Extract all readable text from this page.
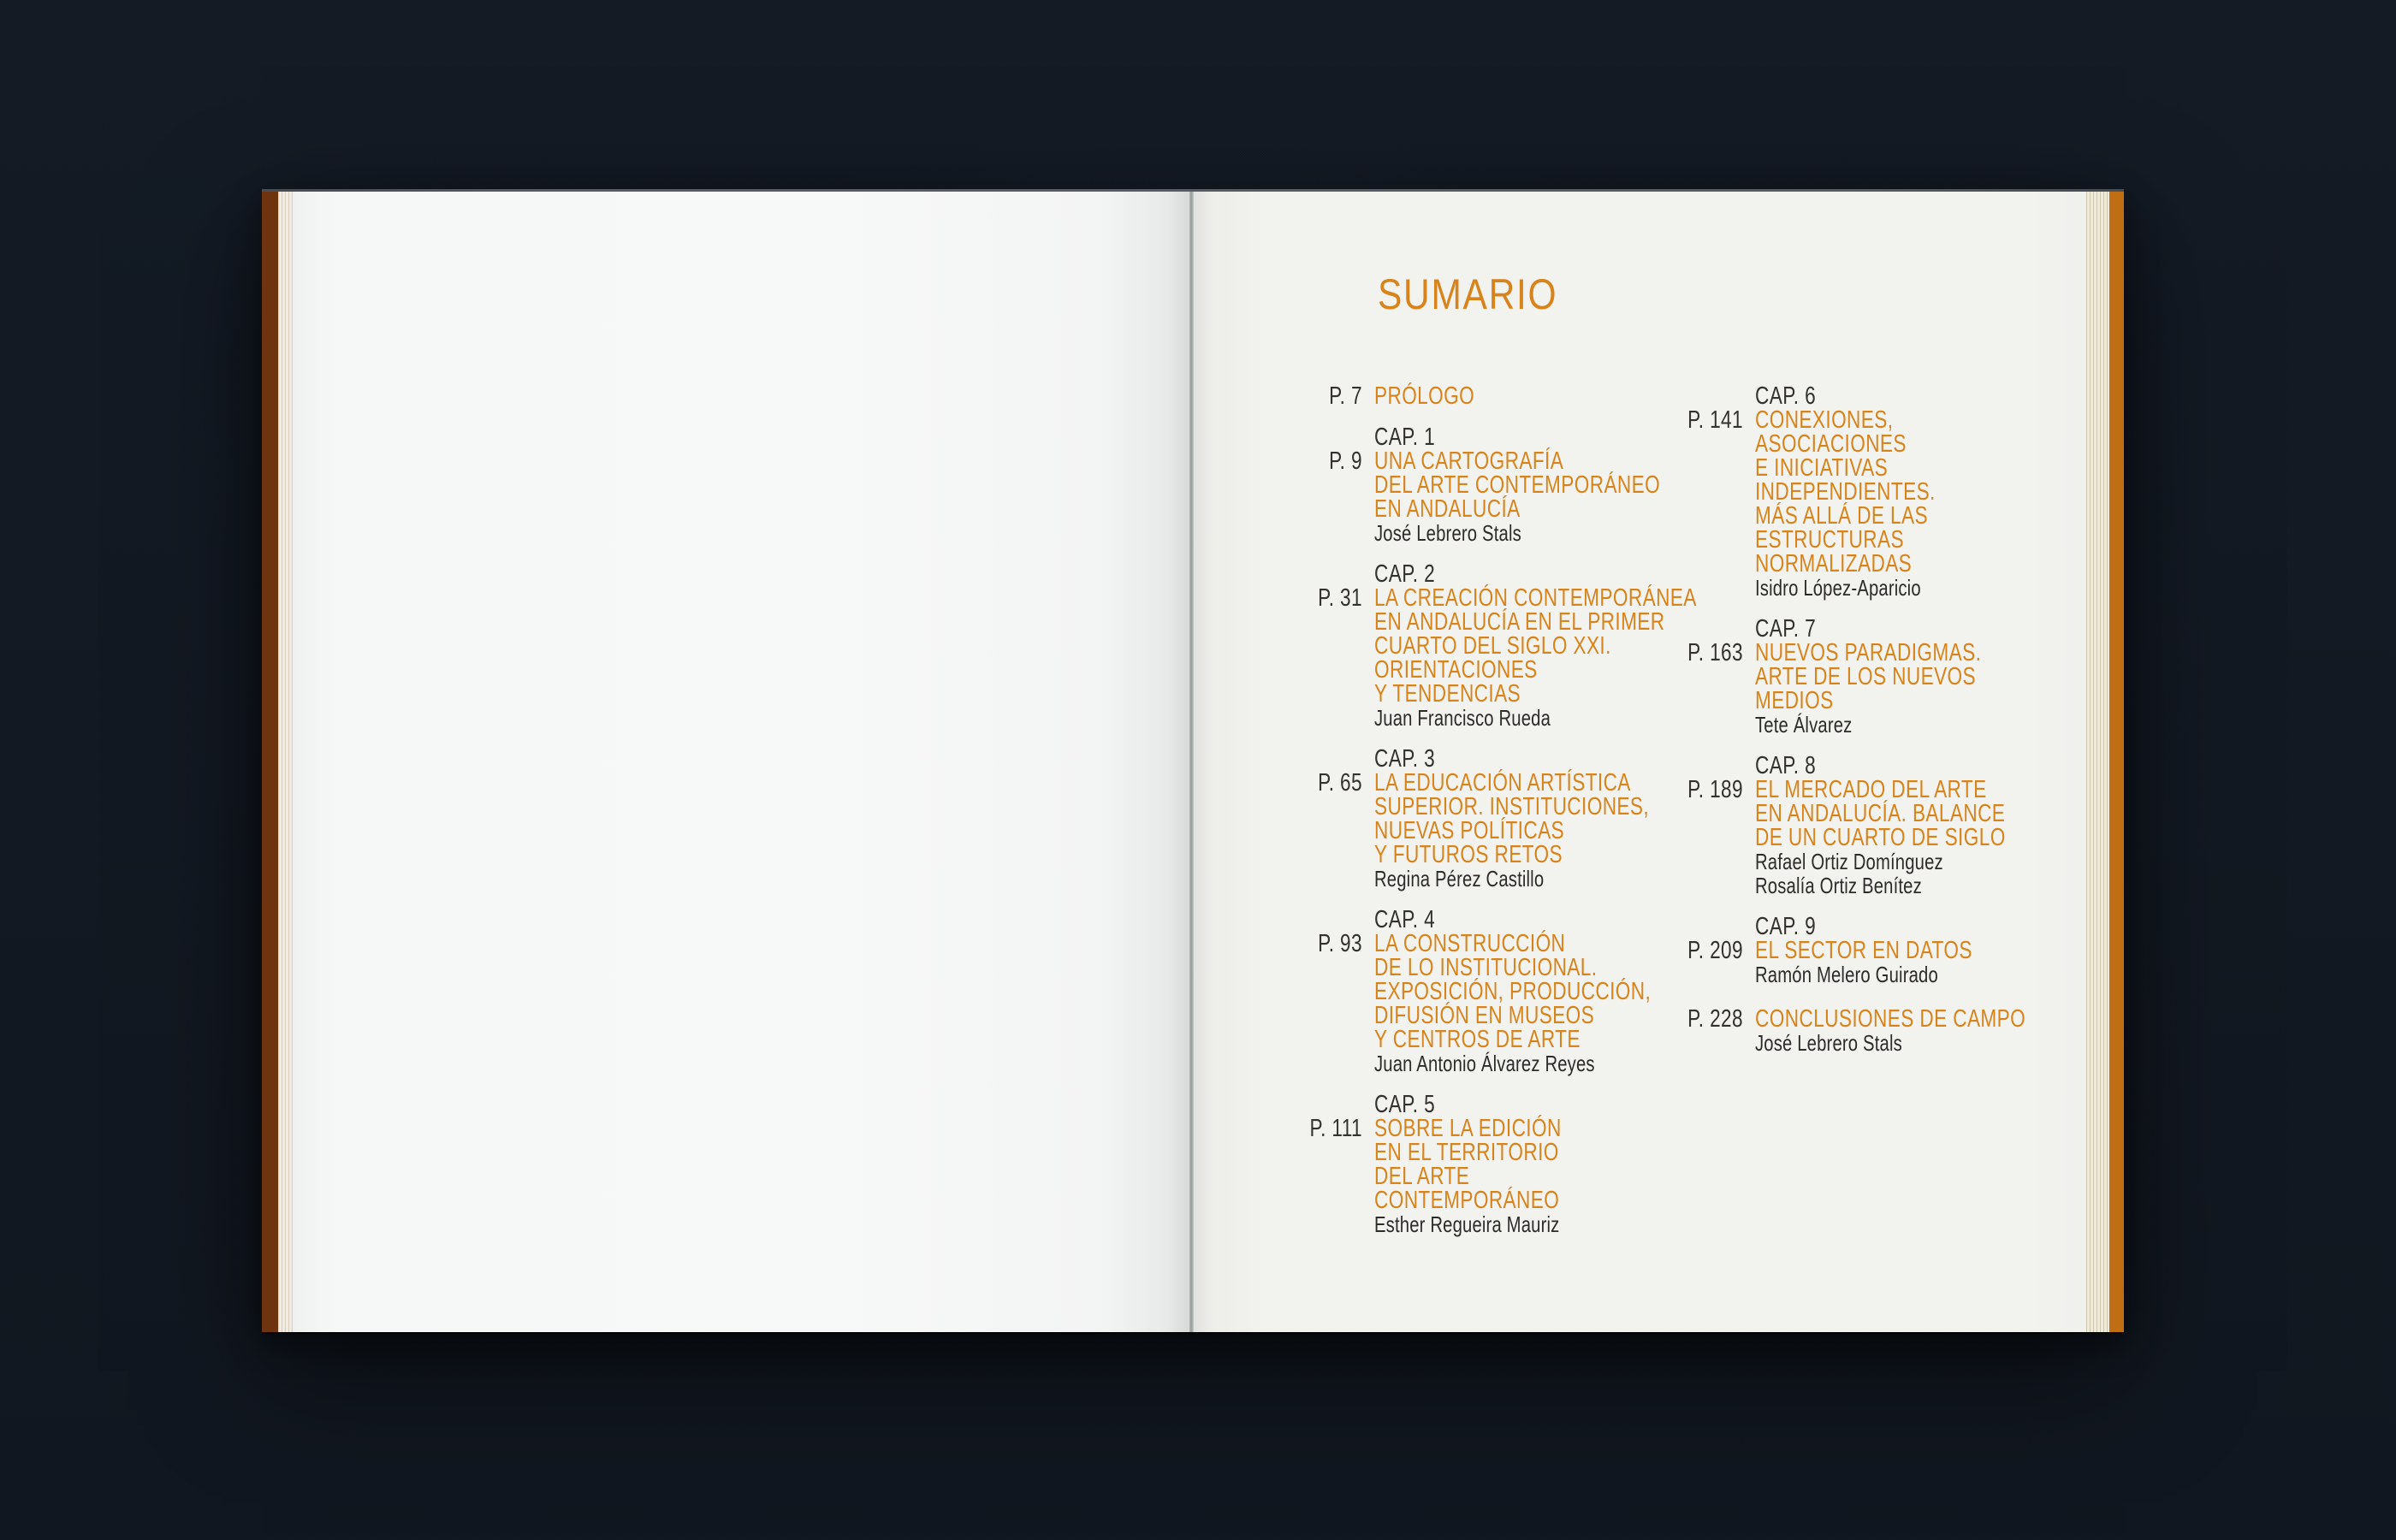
SUMARIO
P. 7 PRÓLOGO
P. 9
CAP. 1
UNA CARTOGRAFÍA
DEL ARTE CONTEMPORÁNEO
EN ANDALUCÍA
José Lebrero Stals
P. 31
CAP. 2
LA CREACIÓN CONTEMPORÁNEA
EN ANDALUCÍA EN EL PRIMER
CUARTO DEL SIGLO XXI.
ORIENTACIONES
Y TENDENCIAS
Juan Francisco Rueda
P. 65
CAP. 3
LA EDUCACIÓN ARTÍSTICA
SUPERIOR. INSTITUCIONES,
NUEVAS POLÍTICAS
Y FUTUROS RETOS
Regina Pérez Castillo
P. 93
CAP. 4
LA CONSTRUCCIÓN
DE LO INSTITUCIONAL.
EXPOSICIÓN, PRODUCCIÓN,
DIFUSIÓN EN MUSEOS
Y CENTROS DE ARTE
Juan Antonio Álvarez Reyes
P. 111
CAP. 5
SOBRE LA EDICIÓN
EN EL TERRITORIO
DEL ARTE
CONTEMPORÁNEO
Esther Regueira Mauriz
P. 141
CAP. 6
CONEXIONES,
ASOCIACIONES
E INICIATIVAS
INDEPENDIENTES.
MÁS ALLÁ DE LAS
ESTRUCTURAS
NORMALIZADAS
Isidro López-Aparicio
P. 163
CAP. 7
NUEVOS PARADIGMAS.
ARTE DE LOS NUEVOS
MEDIOS
Tete Álvarez
P. 189
CAP. 8
EL MERCADO DEL ARTE
EN ANDALUCÍA. BALANCE
DE UN CUARTO DE SIGLO
Rafael Ortiz Domínguez
Rosalía Ortiz Benítez
P. 209
CAP. 9
EL SECTOR EN DATOS
Ramón Melero Guirado
P. 228 CONCLUSIONES DE CAMPO
José Lebrero Stals
